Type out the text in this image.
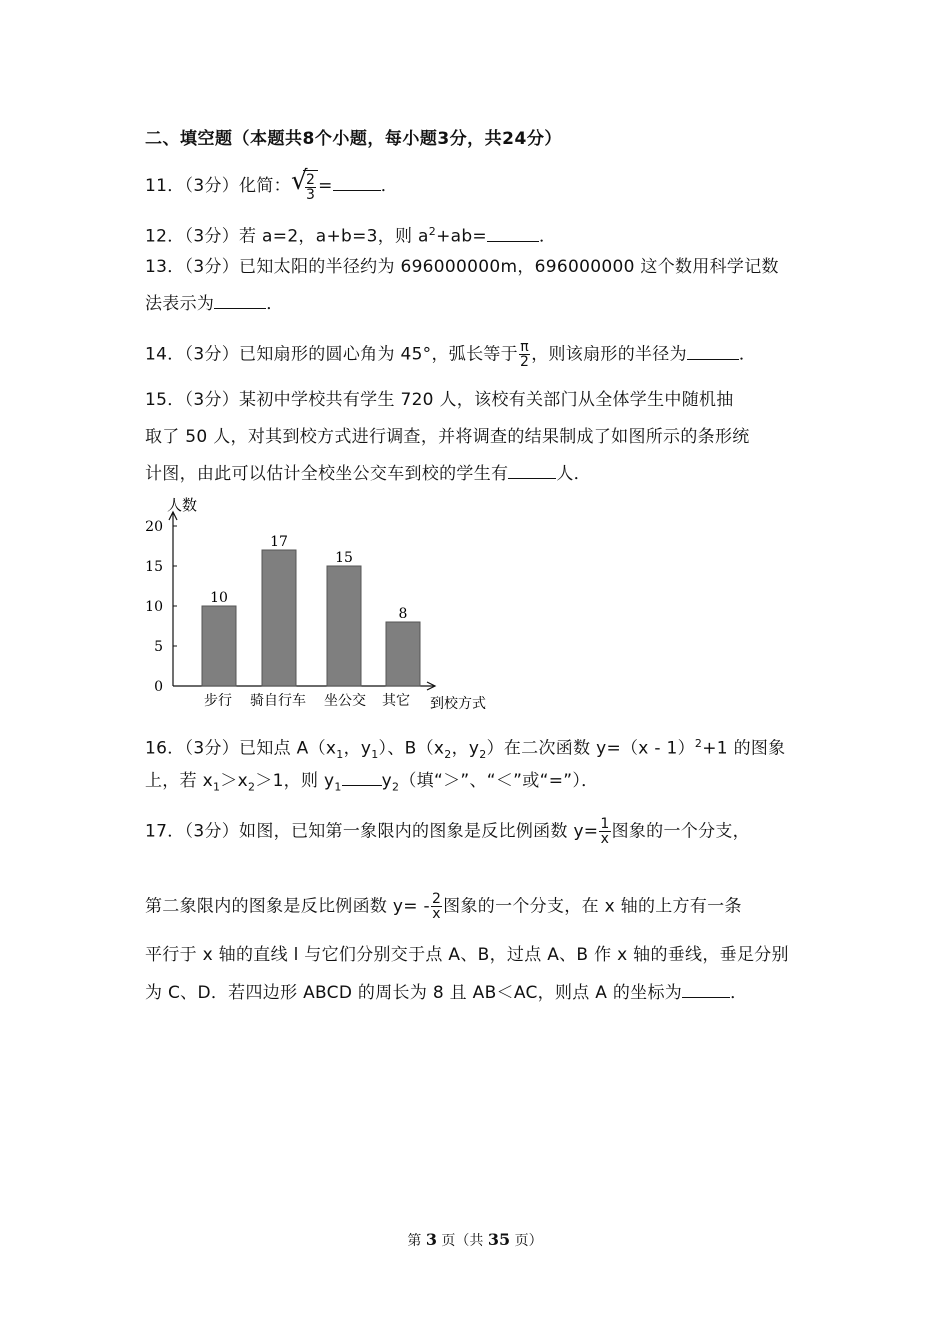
二、填空题（本题共8个小题，每小题3分，共24分）
11．（3分）化简： √
$\frac{2}{3}$ =	．
12．（3分）若 a=2，a+b=3，则 $a^2+ab=$	．
13．（3分）已知太阳的半径约为 696000000m，696000000 这个数用科学记数
法表示为	．
14．（3分）已知扇形的圆心角为 45°，弧长等于 $\frac{\pi}{2}$ ，则该扇形的半径为	．
15．（3分）某初中学校共有学生 720 人，该校有关部门从全体学生中随机抽
取了 50 人，对其到校方式进行调查，并将调查的结果制成了如图所示的条形统
计图，由此可以估计全校坐公交车到校的学生有	人．
人数
0
5
10
15
20
10
步行
17
骑自行车
15
坐公交
8
其它 到校方式
16．（3分）已知点 $A(x_1$，$y_1$）、$B(x_2$，$y_2$）在二次函数 y=（x - 1）$^2$+1 的图象
上，若 $x_1>x_2>1$，则 $y_1$ $y_2$（填“＞”、“＜”或“=”）．
17．（3分）如图，已知第一象限内的图象是反比例函数 $y= \frac{1}{x}$ 图象的一个分支，
第二象限内的图象是反比例函数 $y= - \frac{2}{x}$ 图象的一个分支，在 x 轴的上方有一条
平行于 x 轴的直线 l 与它们分别交于点 A、B，过点 A、B 作 x 轴的垂线，垂足分别
为 C、D．若四边形 ABCD 的周长为 8 且 AB＜AC，则点 A 的坐标为	．
第 3 页（共 35 页）
